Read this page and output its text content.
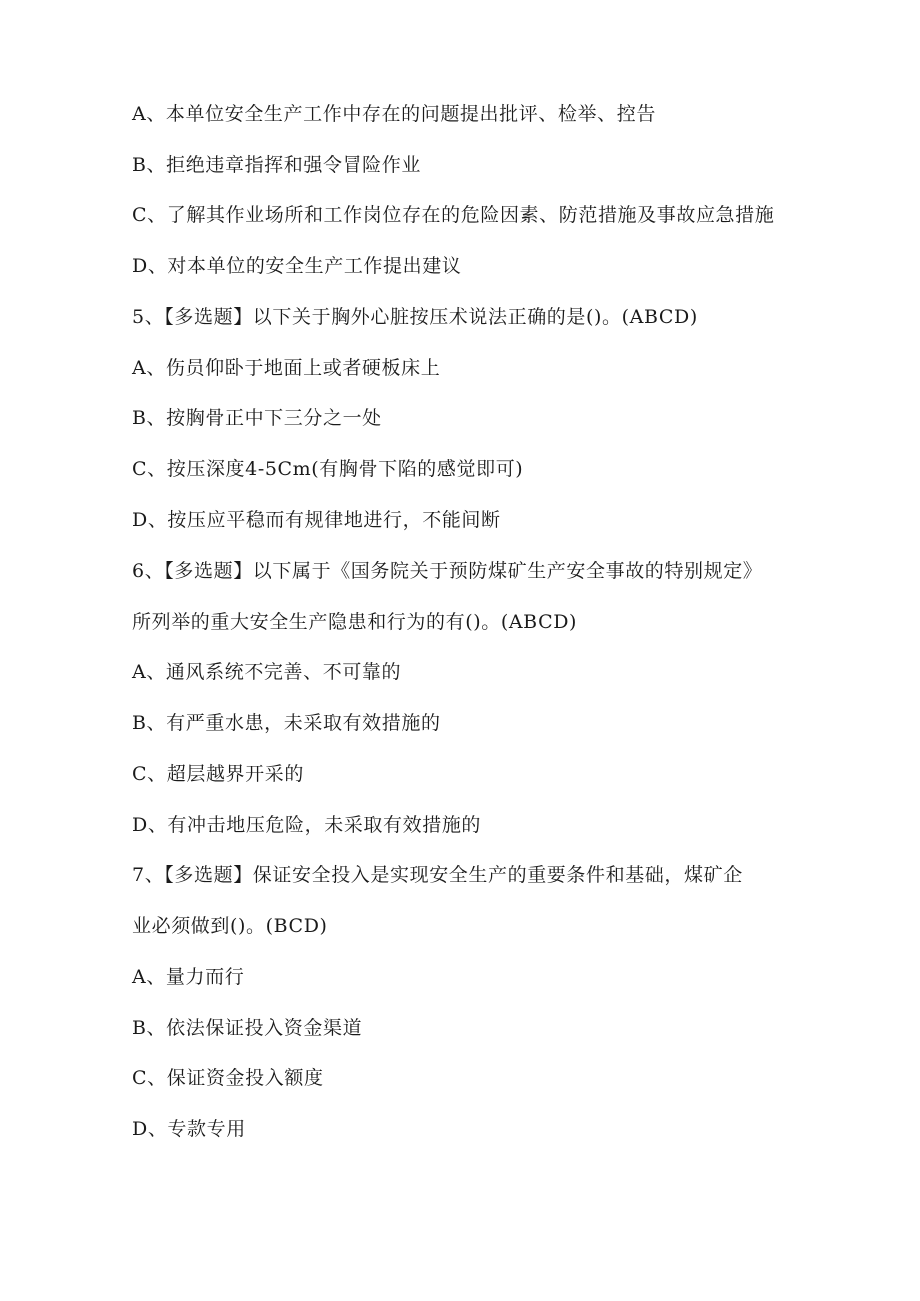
A、本单位安全生产工作中存在的问题提出批评、检举、控告
B、拒绝违章指挥和强令冒险作业
C、了解其作业场所和工作岗位存在的危险因素、防范措施及事故应急措施
D、对本单位的安全生产工作提出建议
5、【多选题】以下关于胸外心脏按压术说法正确的是()。(ABCD)
A、伤员仰卧于地面上或者硬板床上
B、按胸骨正中下三分之一处
C、按压深度4-5Cm(有胸骨下陷的感觉即可)
D、按压应平稳而有规律地进行，不能间断
6、【多选题】以下属于《国务院关于预防煤矿生产安全事故的特别规定》
所列举的重大安全生产隐患和行为的有()。(ABCD)
A、通风系统不完善、不可靠的
B、有严重水患，未采取有效措施的
C、超层越界开采的
D、有冲击地压危险，未采取有效措施的
7、【多选题】保证安全投入是实现安全生产的重要条件和基础，煤矿企
业必须做到()。(BCD)
A、量力而行
B、依法保证投入资金渠道
C、保证资金投入额度
D、专款专用
